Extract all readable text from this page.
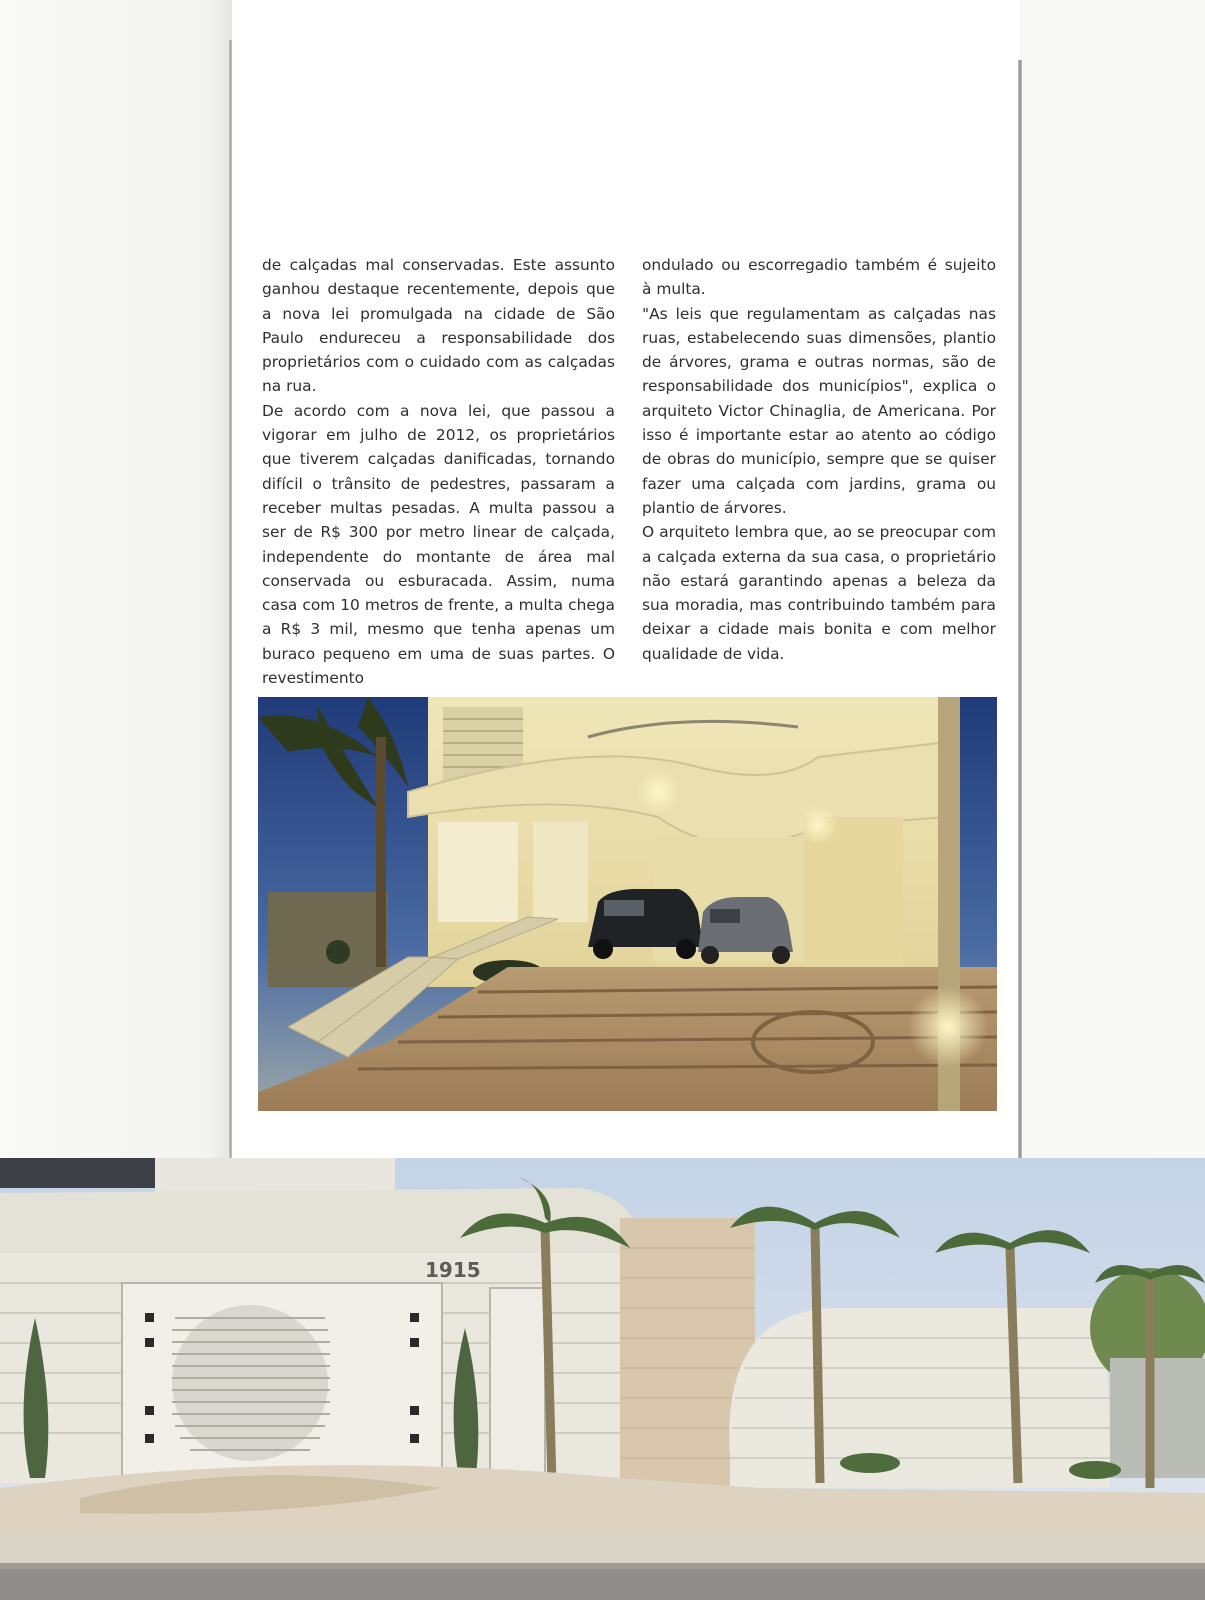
de calçadas mal conservadas. Este assunto ganhou destaque recentemente, depois que a nova lei promulgada na cidade de São Paulo endureceu a responsabilidade dos proprietários com o cuidado com as calçadas na rua.

De acordo com a nova lei, que passou a vigorar em julho de 2012, os proprietários que tiverem calçadas danificadas, tornando difícil o trânsito de pedestres, passaram a receber multas pesadas. A multa passou a ser de R$ 300 por metro linear de calçada, independente do montante de área mal conservada ou esburacada. Assim, numa casa com 10 metros de frente, a multa chega a R$ 3 mil, mesmo que tenha apenas um buraco pequeno em uma de suas partes. O revestimento

ondulado ou escorregadio também é sujeito à multa.

"As leis que regulamentam as calçadas nas ruas, estabelecendo suas dimensões, plantio de árvores, grama e outras normas, são de responsabilidade dos municípios", explica o arquiteto Victor Chinaglia, de Americana. Por isso é importante estar ao atento ao código de obras do município, sempre que se quiser fazer uma calçada com jardins, grama ou plantio de árvores.

O arquiteto lembra que, ao se preocupar com a calçada externa da sua casa, o proprietário não estará garantindo apenas a beleza da sua moradia, mas contribuindo também para deixar a cidade mais bonita e com melhor qualidade de vida.

1915
